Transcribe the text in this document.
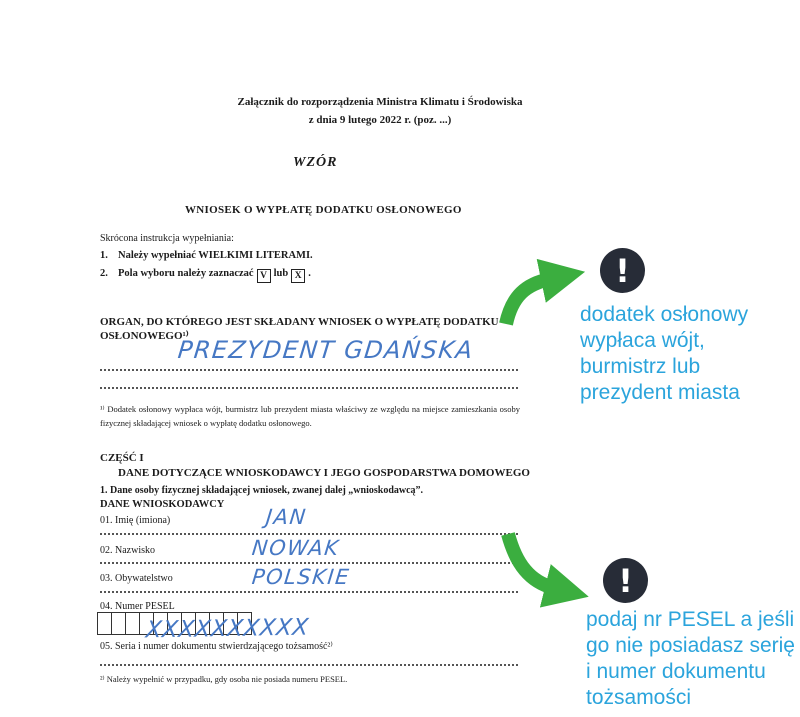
Załącznik do rozporządzenia Ministra Klimatu i Środowiska
z dnia 9 lutego 2022 r. (poz. ...)
WZÓR
WNIOSEK O WYPŁATĘ DODATKU OSŁONOWEGO
Skrócona instrukcja wypełniania:
1. Należy wypełniać WIELKIMI LITERAMI.
2. Pola wyboru należy zaznaczać V lub X .
ORGAN, DO KTÓREGO JEST SKŁADANY WNIOSEK O WYPŁATĘ DODATKU
OSŁONOWEGO¹⁾
PREZYDENT GDAŃSKA
¹⁾ Dodatek osłonowy wypłaca wójt, burmistrz lub prezydent miasta właściwy ze względu na miejsce zamieszkania osoby fizycznej składającej wniosek o wypłatę dodatku osłonowego.
CZĘŚĆ I
DANE DOTYCZĄCE WNIOSKODAWCY I JEGO GOSPODARSTWA DOMOWEGO
1. Dane osoby fizycznej składającej wniosek, zwanej dalej „wnioskodawcą”.
DANE WNIOSKODAWCY
01. Imię (imiona)	JAN
02. Nazwisko	NOWAK
03. Obywatelstwo	POLSKIE
04. Numer PESEL
XXXXXXXXXX
05. Seria i numer dokumentu stwierdzającego tożsamość²⁾
²⁾ Należy wypełnić w przypadku, gdy osoba nie posiada numeru PESEL.
!
dodatek osłonowy
wypłaca wójt,
burmistrz lub
prezydent miasta
!
podaj nr PESEL a jeśli
go nie posiadasz serię
i numer dokumentu
tożsamości
